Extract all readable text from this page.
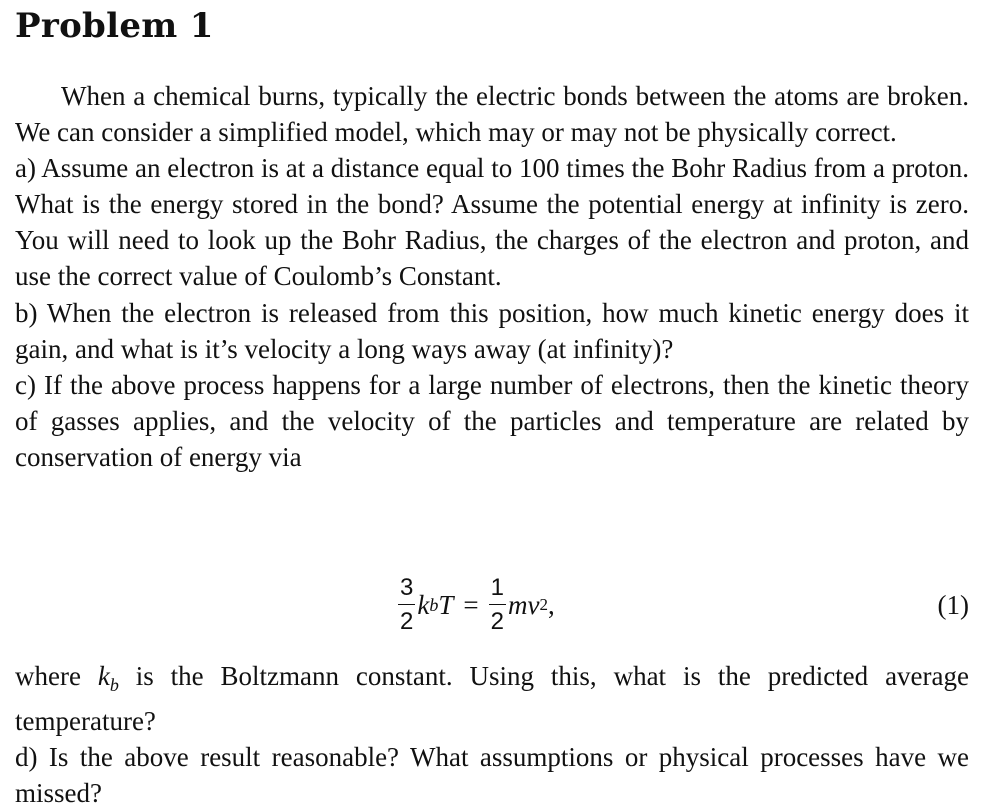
Problem 1

When a chemical burns, typically the electric bonds between the atoms are broken. We can consider a simplified model, which may or may not be physically correct.

a) Assume an electron is at a distance equal to 100 times the Bohr Radius from a proton. What is the energy stored in the bond? Assume the potential energy at infinity is zero. You will need to look up the Bohr Radius, the charges of the electron and proton, and use the correct value of Coulomb’s Constant.

b) When the electron is released from this position, how much kinetic energy does it gain, and what is it’s velocity a long ways away (at infinity)?

c) If the above process happens for a large number of electrons, then the kinetic theory of gasses applies, and the velocity of the particles and temperature are related by conservation of energy via

$\frac{3}{2}$ k b $T = \frac{1}{2}$ mv 2 ,	(1)

where $k_b$ is the Boltzmann constant. Using this, what is the predicted average temperature?

d) Is the above result reasonable? What assumptions or physical processes have we missed?
